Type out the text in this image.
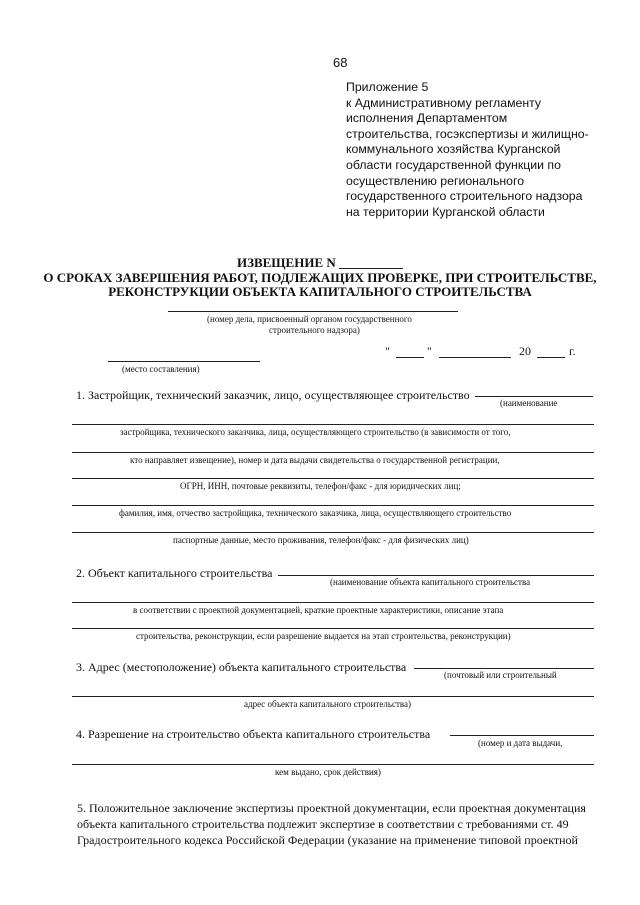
68
Приложение 5
к Административному регламенту
исполнения Департаментом
строительства, госэкспертизы и жилищно-
коммунального хозяйства Курганской
области государственной функции по
осуществлению регионального
государственного строительного надзора
на территории Курганской области
ИЗВЕЩЕНИЕ N
О СРОКАХ ЗАВЕРШЕНИЯ РАБОТ, ПОДЛЕЖАЩИХ ПРОВЕРКЕ, ПРИ СТРОИТЕЛЬСТВЕ,
РЕКОНСТРУКЦИИ ОБЪЕКТА КАПИТАЛЬНОГО СТРОИТЕЛЬСТВА
(номер дела, присвоенный органом государственного
строительного надзора)
(место составления)
"	"	20	г.
1. Застройщик, технический заказчик, лицо, осуществляющее строительство
(наименование
застройщика, технического заказчика, лица, осуществляющего строительство (в зависимости от того,
кто направляет извещение), номер и дата выдачи свидетельства о государственной регистрации,
ОГРН, ИНН, почтовые реквизиты, телефон/факс - для юридических лиц;
фамилия, имя, отчество застройщика, технического заказчика, лица, осуществляющего строительство
паспортные данные, место проживания, телефон/факс - для физических лиц)
2. Объект капитального строительства
(наименование объекта капитального строительства
в соответствии с проектной документацией, краткие проектные характеристики, описание этапа
строительства, реконструкции, если разрешение выдается на этап строительства, реконструкции)
3. Адрес (местоположение) объекта капитального строительства
(почтовый или строительный
адрес объекта капитального строительства)
4. Разрешение на строительство объекта капитального строительства
(номер и дата выдачи,
кем выдано, срок действия)
5. Положительное заключение экспертизы проектной документации, если проектная документация
объекта капитального строительства подлежит экспертизе в соответствии с требованиями ст. 49
Градостроительного кодекса Российской Федерации (указание на применение типовой проектной
